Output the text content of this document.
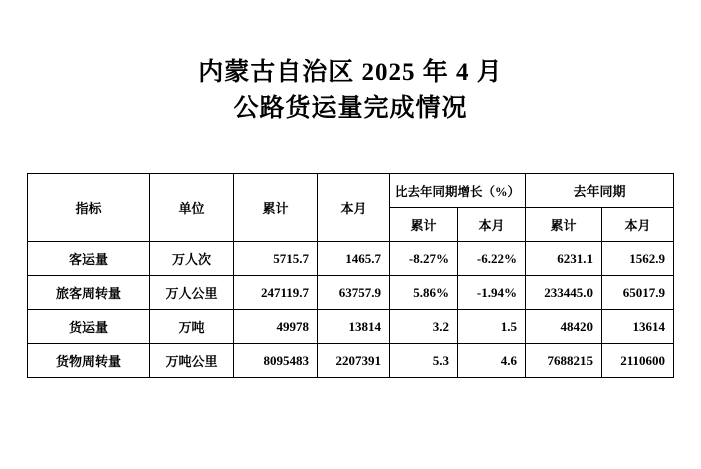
内蒙古自治区 2025 年 4 月
公路货运量完成情况
指标	单位	累计	本月	比去年同期增长（%）		去年同期	
				累计	本月	累计	本月
客运量	万人次	5715.7	1465.7	-8.27%	-6.22%	6231.1	1562.9
旅客周转量	万人公里	247119.7	63757.9	5.86%	-1.94%	233445.0	65017.9
货运量	万吨	49978	13814	3.2	1.5	48420	13614
货物周转量	万吨公里	8095483	2207391	5.3	4.6	7688215	2110600
